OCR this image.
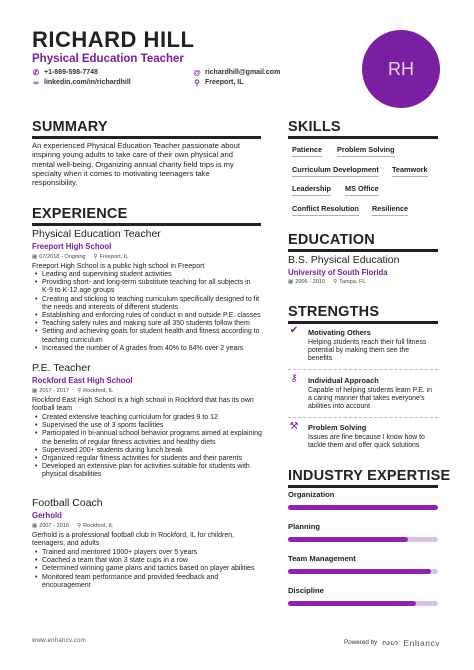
RICHARD HILL
Physical Education Teacher
✆ +1-869-598-7748	@ richardhill@gmail.com
∞ linkedin.com/in/richardhill	⚲ Freeport, IL
RH
SUMMARY
An experienced Physical Education Teacher passionate about
inspiring young adults to take care of their own physical and
mental well-being. Organizing annual charity field trips is my
specialty when it comes to motivating teenagers take
responsibility.
EXPERIENCE
Physical Education Teacher
Freeport High School
▦ 07/2018 - Ongoing ⚲ Freeport, IL
Freeport High School is a public high school in Freeport
• Leading and supervising student activities
• Providing short- and long-term substitute teaching for all subjects in
K-9 to K-12 age groups
• Creating and sticking to teaching curriculum specifically designed to fit
the needs and interests of different students
• Establishing and enforcing rules of conduct in and outside P.E. classes
• Teaching safety rules and making sure all 350 students follow them
• Setting and achieving goals for student health and fitness according to
teaching curriculum
• Increased the number of A grades from 40% to 84% over 2 years
P.E. Teacher
Rockford East High School
▦ 2017 - 2017 ⚲ Rockford, IL
Rockford East High School is a high school in Rockford that has its own
football team
• Created extensive teaching curriculum for grades 9 to 12
• Supervised the use of 3 sports facilities
• Participated in bi-annual school behavior programs aimed at explaining
the benefits of regular fitness activities and healthy diets
• Supervised 200+ students during lunch break
• Organized regular fitness activities for students and their parents
• Developed an extensive plan for activities suitable for students with
physical disabilities
Football Coach
Gerhold
▦ 2007 - 2016 ⚲ Rockford, IL
Gerhold is a professional football club in Rockford, IL for children,
teenagers, and adults
• Trained and mentored 1000+ players over 5 years
• Coached a team that won 3 state cups in a row
• Determined winning game plans and tactics based on player abilities
• Monitored team performance and provided feedback and
encouragement
SKILLS
Patience Problem Solving
Curriculum Development Teamwork
Leadership MS Office
Conflict Resolution Resilience
EDUCATION
B.S. Physical Education
University of South Florida
▦ 2006 - 2010 ⚲ Tampa, FL
STRENGTHS
✔	Motivating Others
Helping students reach their full fitness
potential by making them see the
benefits
⚷	Individual Approach
Capable of helping students learn P.E. in
a caring manner that takes everyone's
abilities into account
⚒	Problem Solving
Issues are fine because I know how to
tackle them and offer quick solutions
INDUSTRY EXPERTISE
Organization
Planning
Team Management
Discipline
www.enhancv.com	Powered by ᔓᔕ Enhancv
